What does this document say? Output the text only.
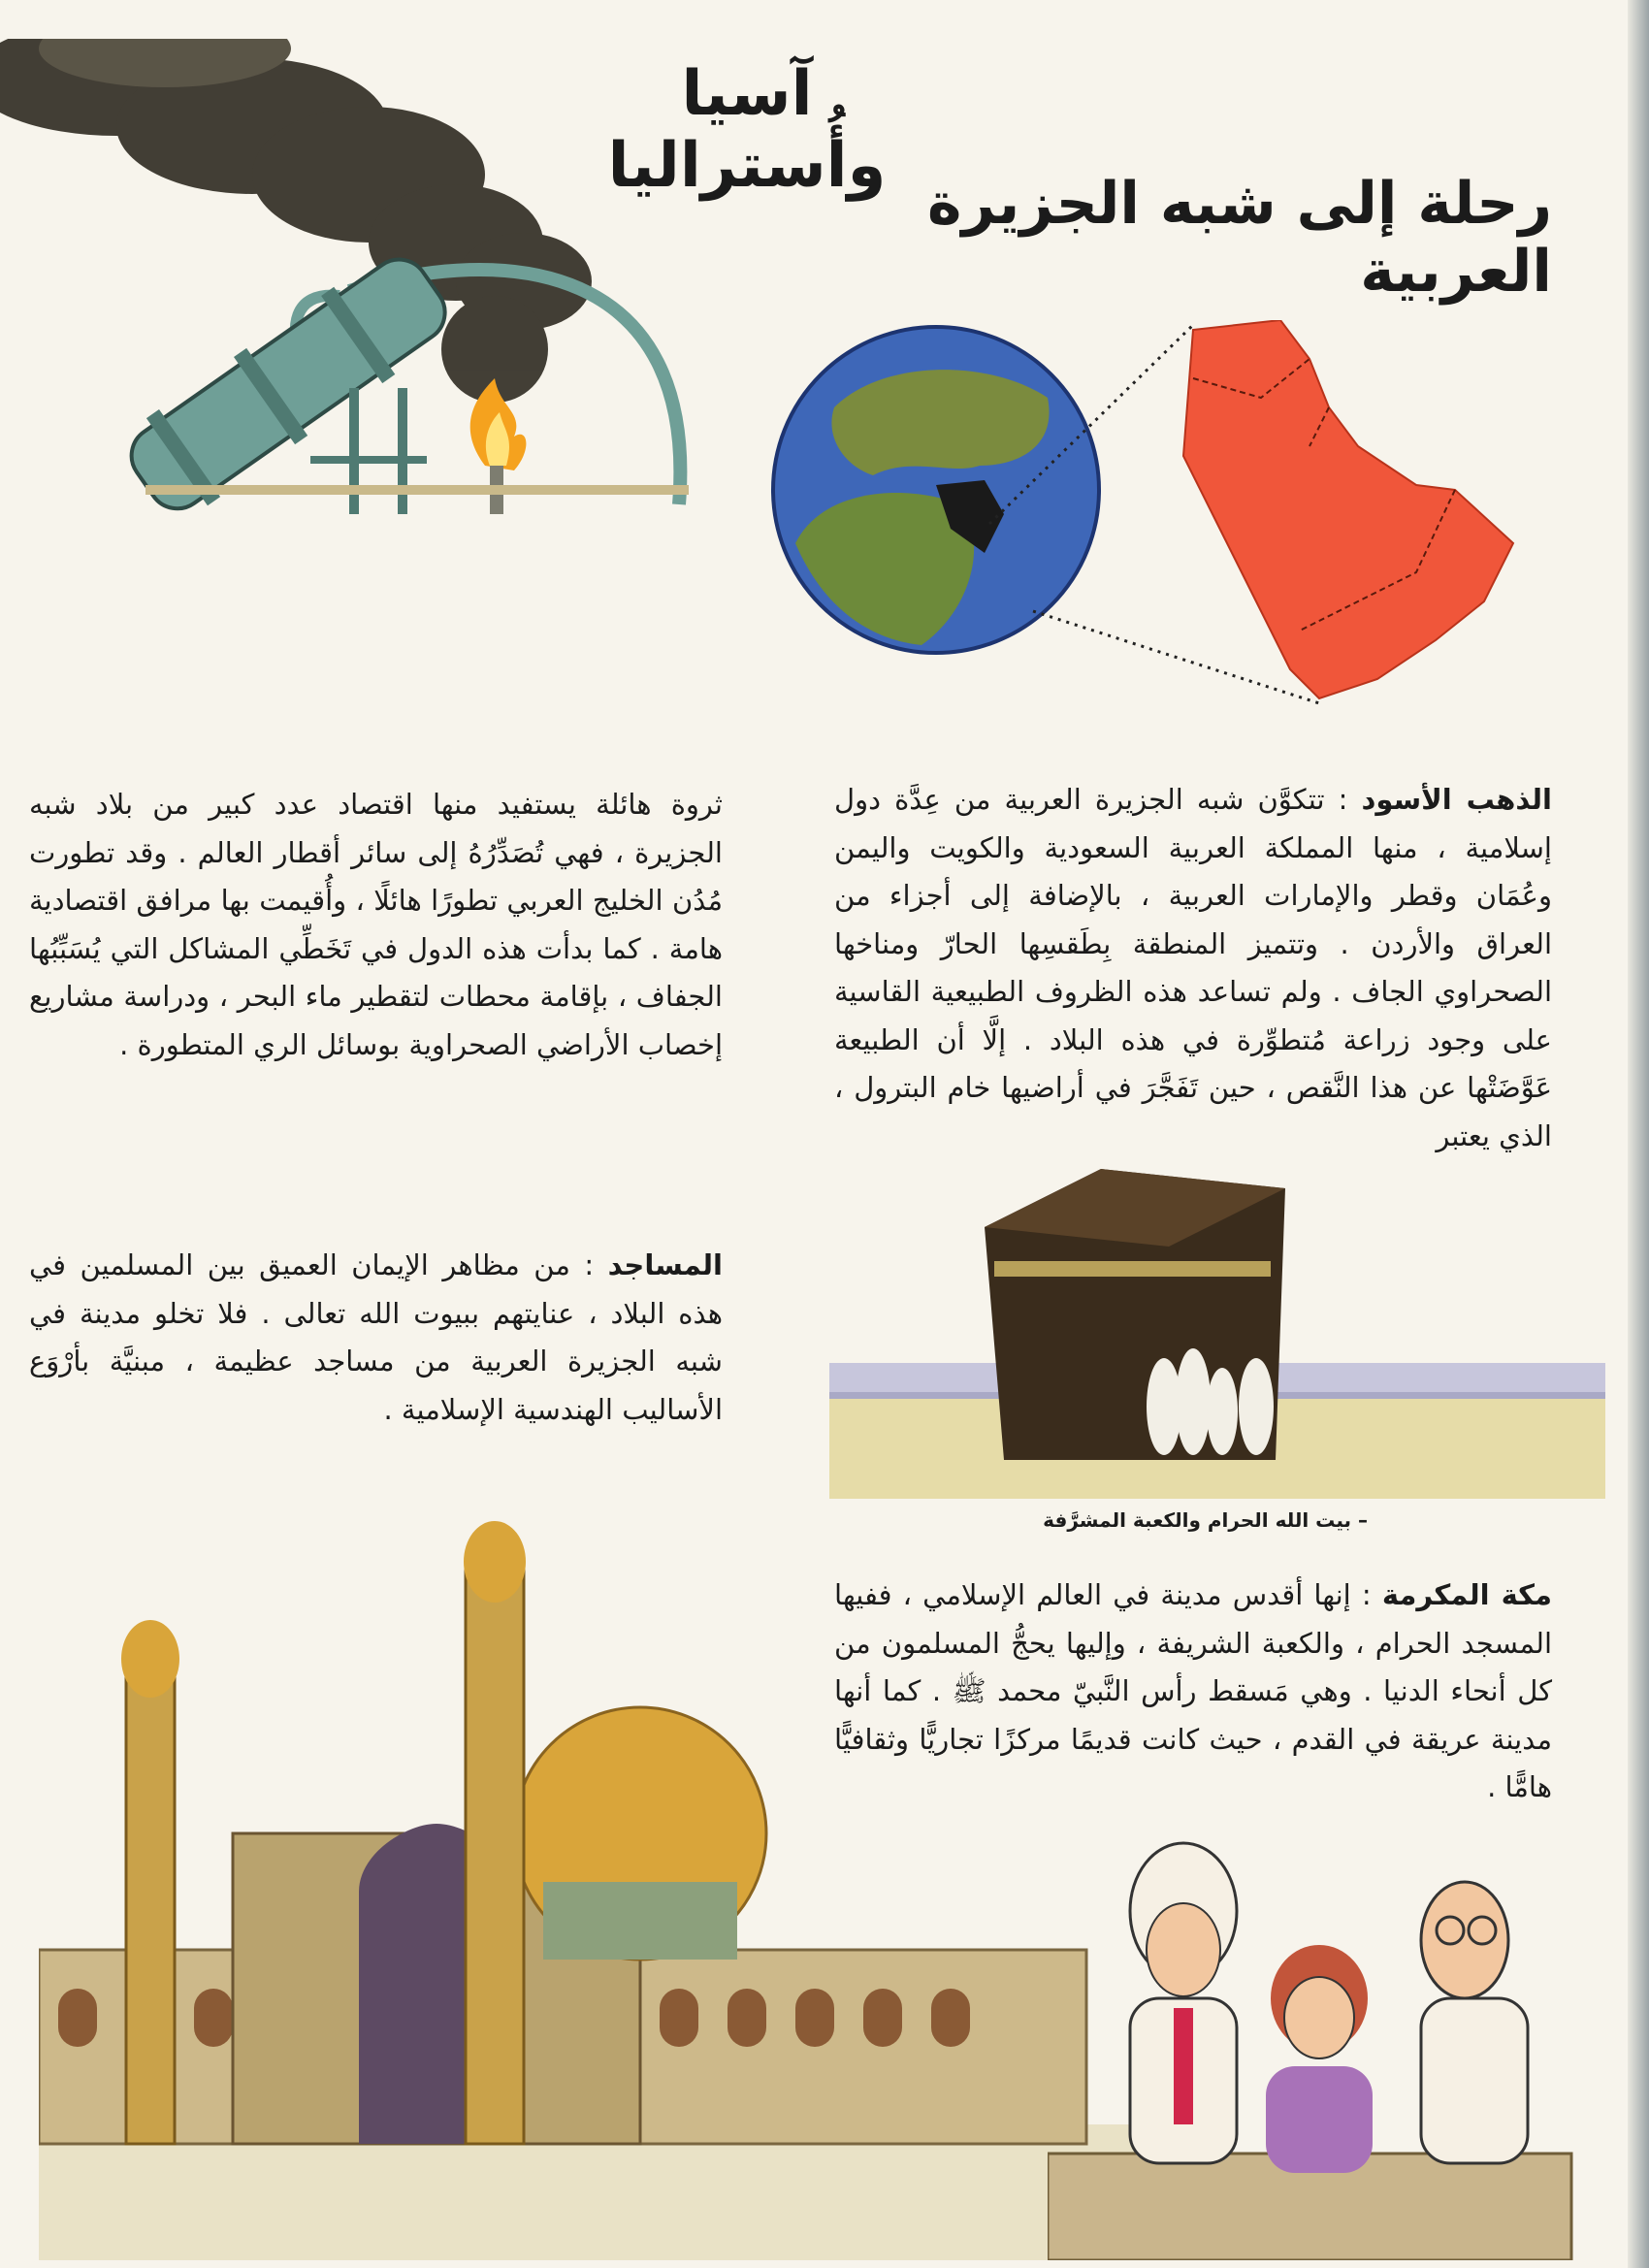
آسيا وأُستراليا
رحلة إلى شبه الجزيرة العربية

الذهب الأسود : تتكوَّن شبه الجزيرة العربية من عِدَّة دول إسلامية ، منها المملكة العربية السعودية والكويت واليمن وعُمَان وقطر والإمارات العربية ، بالإضافة إلى أجزاء من العراق والأردن . وتتميز المنطقة بِطَقسِها الحارّ ومناخها الصحراوي الجاف . ولم تساعد هذه الظروف الطبيعية القاسية على وجود زراعة مُتطوِّرة في هذه البلاد . إلَّا أن الطبيعة عَوَّضَتْها عن هذا النَّقص ، حين تَفَجَّرَ في أراضيها خام البترول ، الذي يعتبر

ثروة هائلة يستفيد منها اقتصاد عدد كبير من بلاد شبه الجزيرة ، فهي تُصَدِّرُهُ إلى سائر أقطار العالم . وقد تطورت مُدُن الخليج العربي تطورًا هائلًا ، وأُقيمت بها مرافق اقتصادية هامة . كما بدأت هذه الدول في تَخَطِّي المشاكل التي يُسَبِّبُها الجفاف ، بإقامة محطات لتقطير ماء البحر ، ودراسة مشاريع إخصاب الأراضي الصحراوية بوسائل الري المتطورة .

المساجد : من مظاهر الإيمان العميق بين المسلمين في هذه البلاد ، عنايتهم ببيوت الله تعالى . فلا تخلو مدينة في شبه الجزيرة العربية من مساجد عظيمة ، مبنيَّة بأرْوَع الأساليب الهندسية الإسلامية .

– بيت الله الحرام والكعبة المشرَّفة

مكة المكرمة : إنها أقدس مدينة في العالم الإسلامي ، ففيها المسجد الحرام ، والكعبة الشريفة ، وإليها يحجُّ المسلمون من كل أنحاء الدنيا . وهي مَسقط رأس النَّبيّ محمد ﷺ . كما أنها مدينة عريقة في القدم ، حيث كانت قديمًا مركزًا تجاريًّا وثقافيًّا هامًّا .
